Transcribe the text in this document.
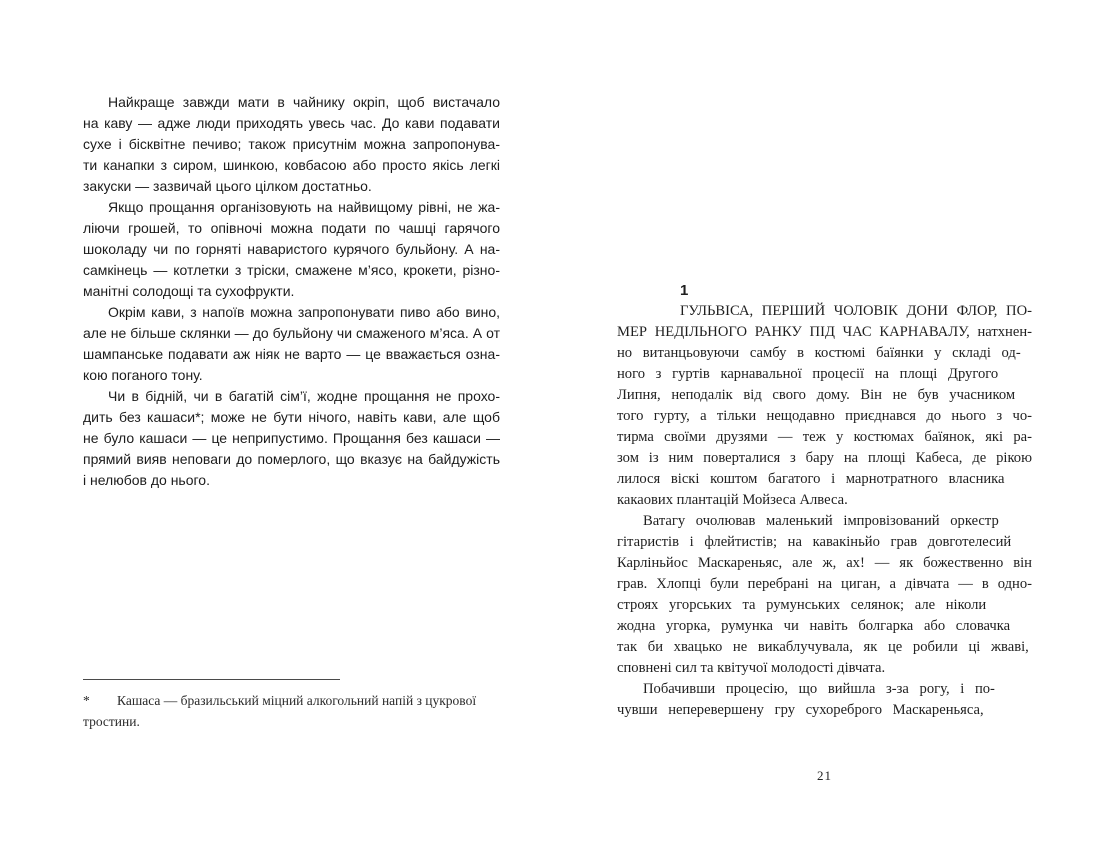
Найкраще завжди мати в чайнику окріп, щоб вистачало
на каву — адже люди приходять увесь час. До кави подавати
сухе і бісквітне печиво; також присутнім можна запропонува-
ти канапки з сиром, шинкою, ковбасою або просто якісь легкі
закуски — зазвичай цього цілком достатньо.
Якщо прощання організовують на найвищому рівні, не жа-
ліючи грошей, то опівночі можна подати по чашці гарячого
шоколаду чи по горняті наваристого курячого бульйону. А на-
самкінець — котлетки з тріски, смажене м’ясо, крокети, різно-
манітні солодощі та сухофрукти.
Окрім кави, з напоїв можна запропонувати пиво або вино,
але не більше склянки — до бульйону чи смаженого м’яса. А от
шампанське подавати аж ніяк не варто — це вважається озна-
кою поганого тону.
Чи в бідній, чи в багатій сім’ї, жодне прощання не прохо-
дить без кашаси*; може не бути нічого, навіть кави, але щоб
не було кашаси — це неприпустимо. Прощання без кашаси —
прямий вияв неповаги до померлого, що вказує на байдужість
і нелюбов до нього.
* Кашаса — бразильський міцний алкогольний напій з цукрової
тростини.
1
ГУЛЬВІСА, ПЕРШИЙ ЧОЛОВІК ДОНИ ФЛОР, ПО-
МЕР НЕДІЛЬНОГО РАНКУ ПІД ЧАС КАРНАВАЛУ, натхнен-
но витанцьовуючи самбу в костюмі баїянки у складі од-
ного з гуртів карнавальної процесії на площі Другого
Липня, неподалік від свого дому. Він не був учасником
того гурту, а тільки нещодавно приєднався до нього з чо-
тирма своїми друзями — теж у костюмах баїянок, які ра-
зом із ним поверталися з бару на площі Кабеса, де рікою
лилося віскі коштом багатого і марнотратного власника
какаових плантацій Мойзеса Алвеса.
Ватагу очолював маленький імпровізований оркестр
гітаристів і флейтистів; на кавакіньйо грав довготелесий
Карліньйос Маскареньяс, але ж, ах! — як божественно він
грав. Хлопці були перебрані на циган, а дівчата — в одно-
строях угорських та румунських селянок; але ніколи
жодна угорка, румунка чи навіть болгарка або словачка
так би хвацько не викаблучувала, як це робили ці жваві,
сповнені сил та квітучої молодості дівчата.
Побачивши процесію, що вийшла з-за рогу, і по-
чувши неперевершену гру сухореброго Маскареньяса,
21
